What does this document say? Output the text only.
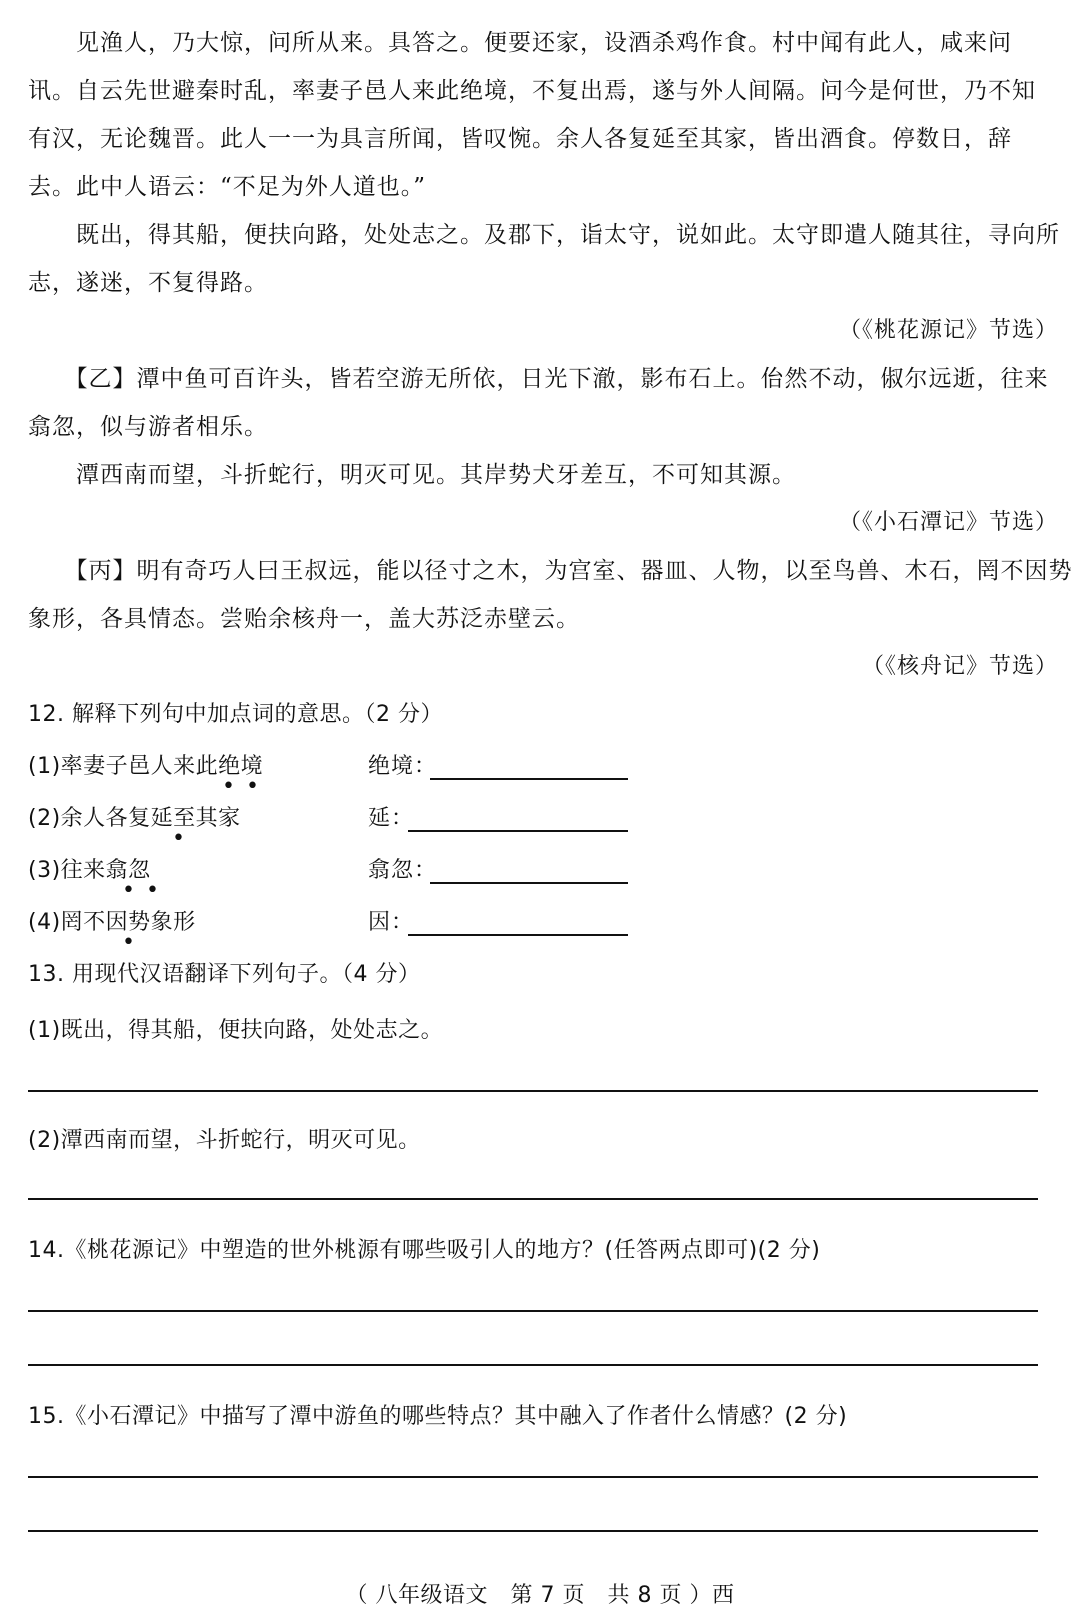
　　见渔人，乃大惊，问所从来。具答之。便要还家，设酒杀鸡作食。村中闻有此人，咸来问
讯。自云先世避秦时乱，率妻子邑人来此绝境，不复出焉，遂与外人间隔。问今是何世，乃不知
有汉，无论魏晋。此人一一为具言所闻，皆叹惋。余人各复延至其家，皆出酒食。停数日，辞
去。此中人语云：“不足为外人道也。”
　　既出，得其船，便扶向路，处处志之。及郡下，诣太守，说如此。太守即遣人随其往，寻向所
志，遂迷，不复得路。
（《桃花源记》节选）
　　【乙】潭中鱼可百许头，皆若空游无所依，日光下澈，影布石上。佁然不动，俶尔远逝，往来
翕忽，似与游者相乐。
　　潭西南而望，斗折蛇行，明灭可见。其岸势犬牙差互，不可知其源。
（《小石潭记》节选）
　　【丙】明有奇巧人曰王叔远，能以径寸之木，为宫室、器皿、人物，以至鸟兽、木石，罔不因势
象形，各具情态。尝贻余核舟一，盖大苏泛赤壁云。
（《核舟记》节选）
12. 解释下列句中加点词的意思。（2 分）
(1)率妻子邑人来此绝境
• •
绝境：
(2)余人各复延至其家
•
延：
(3)往来翕忽
• •
翕忽：
(4)罔不因势象形
•
因：
13. 用现代汉语翻译下列句子。（4 分）
(1)既出，得其船，便扶向路，处处志之。
(2)潭西南而望，斗折蛇行，明灭可见。
14.《桃花源记》中塑造的世外桃源有哪些吸引人的地方？(任答两点即可)(2 分)
15.《小石潭记》中描写了潭中游鱼的哪些特点？其中融入了作者什么情感？(2 分)
（ 八年级语文　第 7 页　共 8 页 ）西
